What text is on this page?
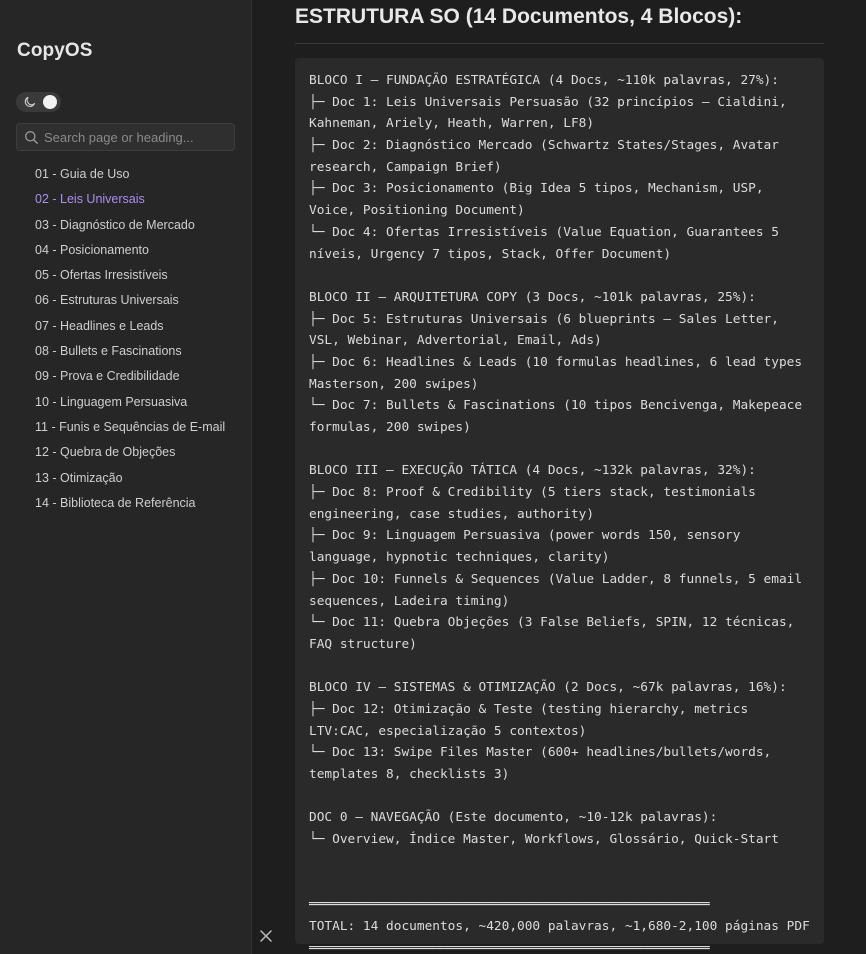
CopyOS
Search page or heading...
01 - Guia de Uso
02 - Leis Universais
03 - Diagnóstico de Mercado
04 - Posicionamento
05 - Ofertas Irresistíveis
06 - Estruturas Universais
07 - Headlines e Leads
08 - Bullets e Fascinations
09 - Prova e Credibilidade
10 - Linguagem Persuasiva
11 - Funis e Sequências de E-mail
12 - Quebra de Objeções
13 - Otimização
14 - Biblioteca de Referência
ESTRUTURA SO (14 Documentos, 4 Blocos):
BLOCO I — FUNDAÇÃO ESTRATÉGICA (4 Docs, ~110k palavras, 27%):
├─ Doc 1: Leis Universais Persuasão (32 princípios — Cialdini,
Kahneman, Ariely, Heath, Warren, LF8)
├─ Doc 2: Diagnóstico Mercado (Schwartz States/Stages, Avatar
research, Campaign Brief)
├─ Doc 3: Posicionamento (Big Idea 5 tipos, Mechanism, USP,
Voice, Positioning Document)
└─ Doc 4: Ofertas Irresistíveis (Value Equation, Guarantees 5
níveis, Urgency 7 tipos, Stack, Offer Document)
BLOCO II — ARQUITETURA COPY (3 Docs, ~101k palavras, 25%):
├─ Doc 5: Estruturas Universais (6 blueprints — Sales Letter,
VSL, Webinar, Advertorial, Email, Ads)
├─ Doc 6: Headlines & Leads (10 formulas headlines, 6 lead types
Masterson, 200 swipes)
└─ Doc 7: Bullets & Fascinations (10 tipos Bencivenga, Makepeace
formulas, 200 swipes)
BLOCO III — EXECUÇÃO TÁTICA (4 Docs, ~132k palavras, 32%):
├─ Doc 8: Proof & Credibility (5 tiers stack, testimonials
engineering, case studies, authority)
├─ Doc 9: Linguagem Persuasiva (power words 150, sensory
language, hypnotic techniques, clarity)
├─ Doc 10: Funnels & Sequences (Value Ladder, 8 funnels, 5 email
sequences, Ladeira timing)
└─ Doc 11: Quebra Objeções (3 False Beliefs, SPIN, 12 técnicas,
FAQ structure)
BLOCO IV — SISTEMAS & OTIMIZAÇÃO (2 Docs, ~67k palavras, 16%):
├─ Doc 12: Otimização & Teste (testing hierarchy, metrics
LTV:CAC, especialização 5 contextos)
└─ Doc 13: Swipe Files Master (600+ headlines/bullets/words,
templates 8, checklists 3)
DOC 0 — NAVEGAÇÃO (Este documento, ~10-12k palavras):
└─ Overview, Índice Master, Workflows, Glossário, Quick-Start
════════════════════════════════════════════════════
TOTAL: 14 documentos, ~420,000 palavras, ~1,680-2,100 páginas PDF
════════════════════════════════════════════════════
